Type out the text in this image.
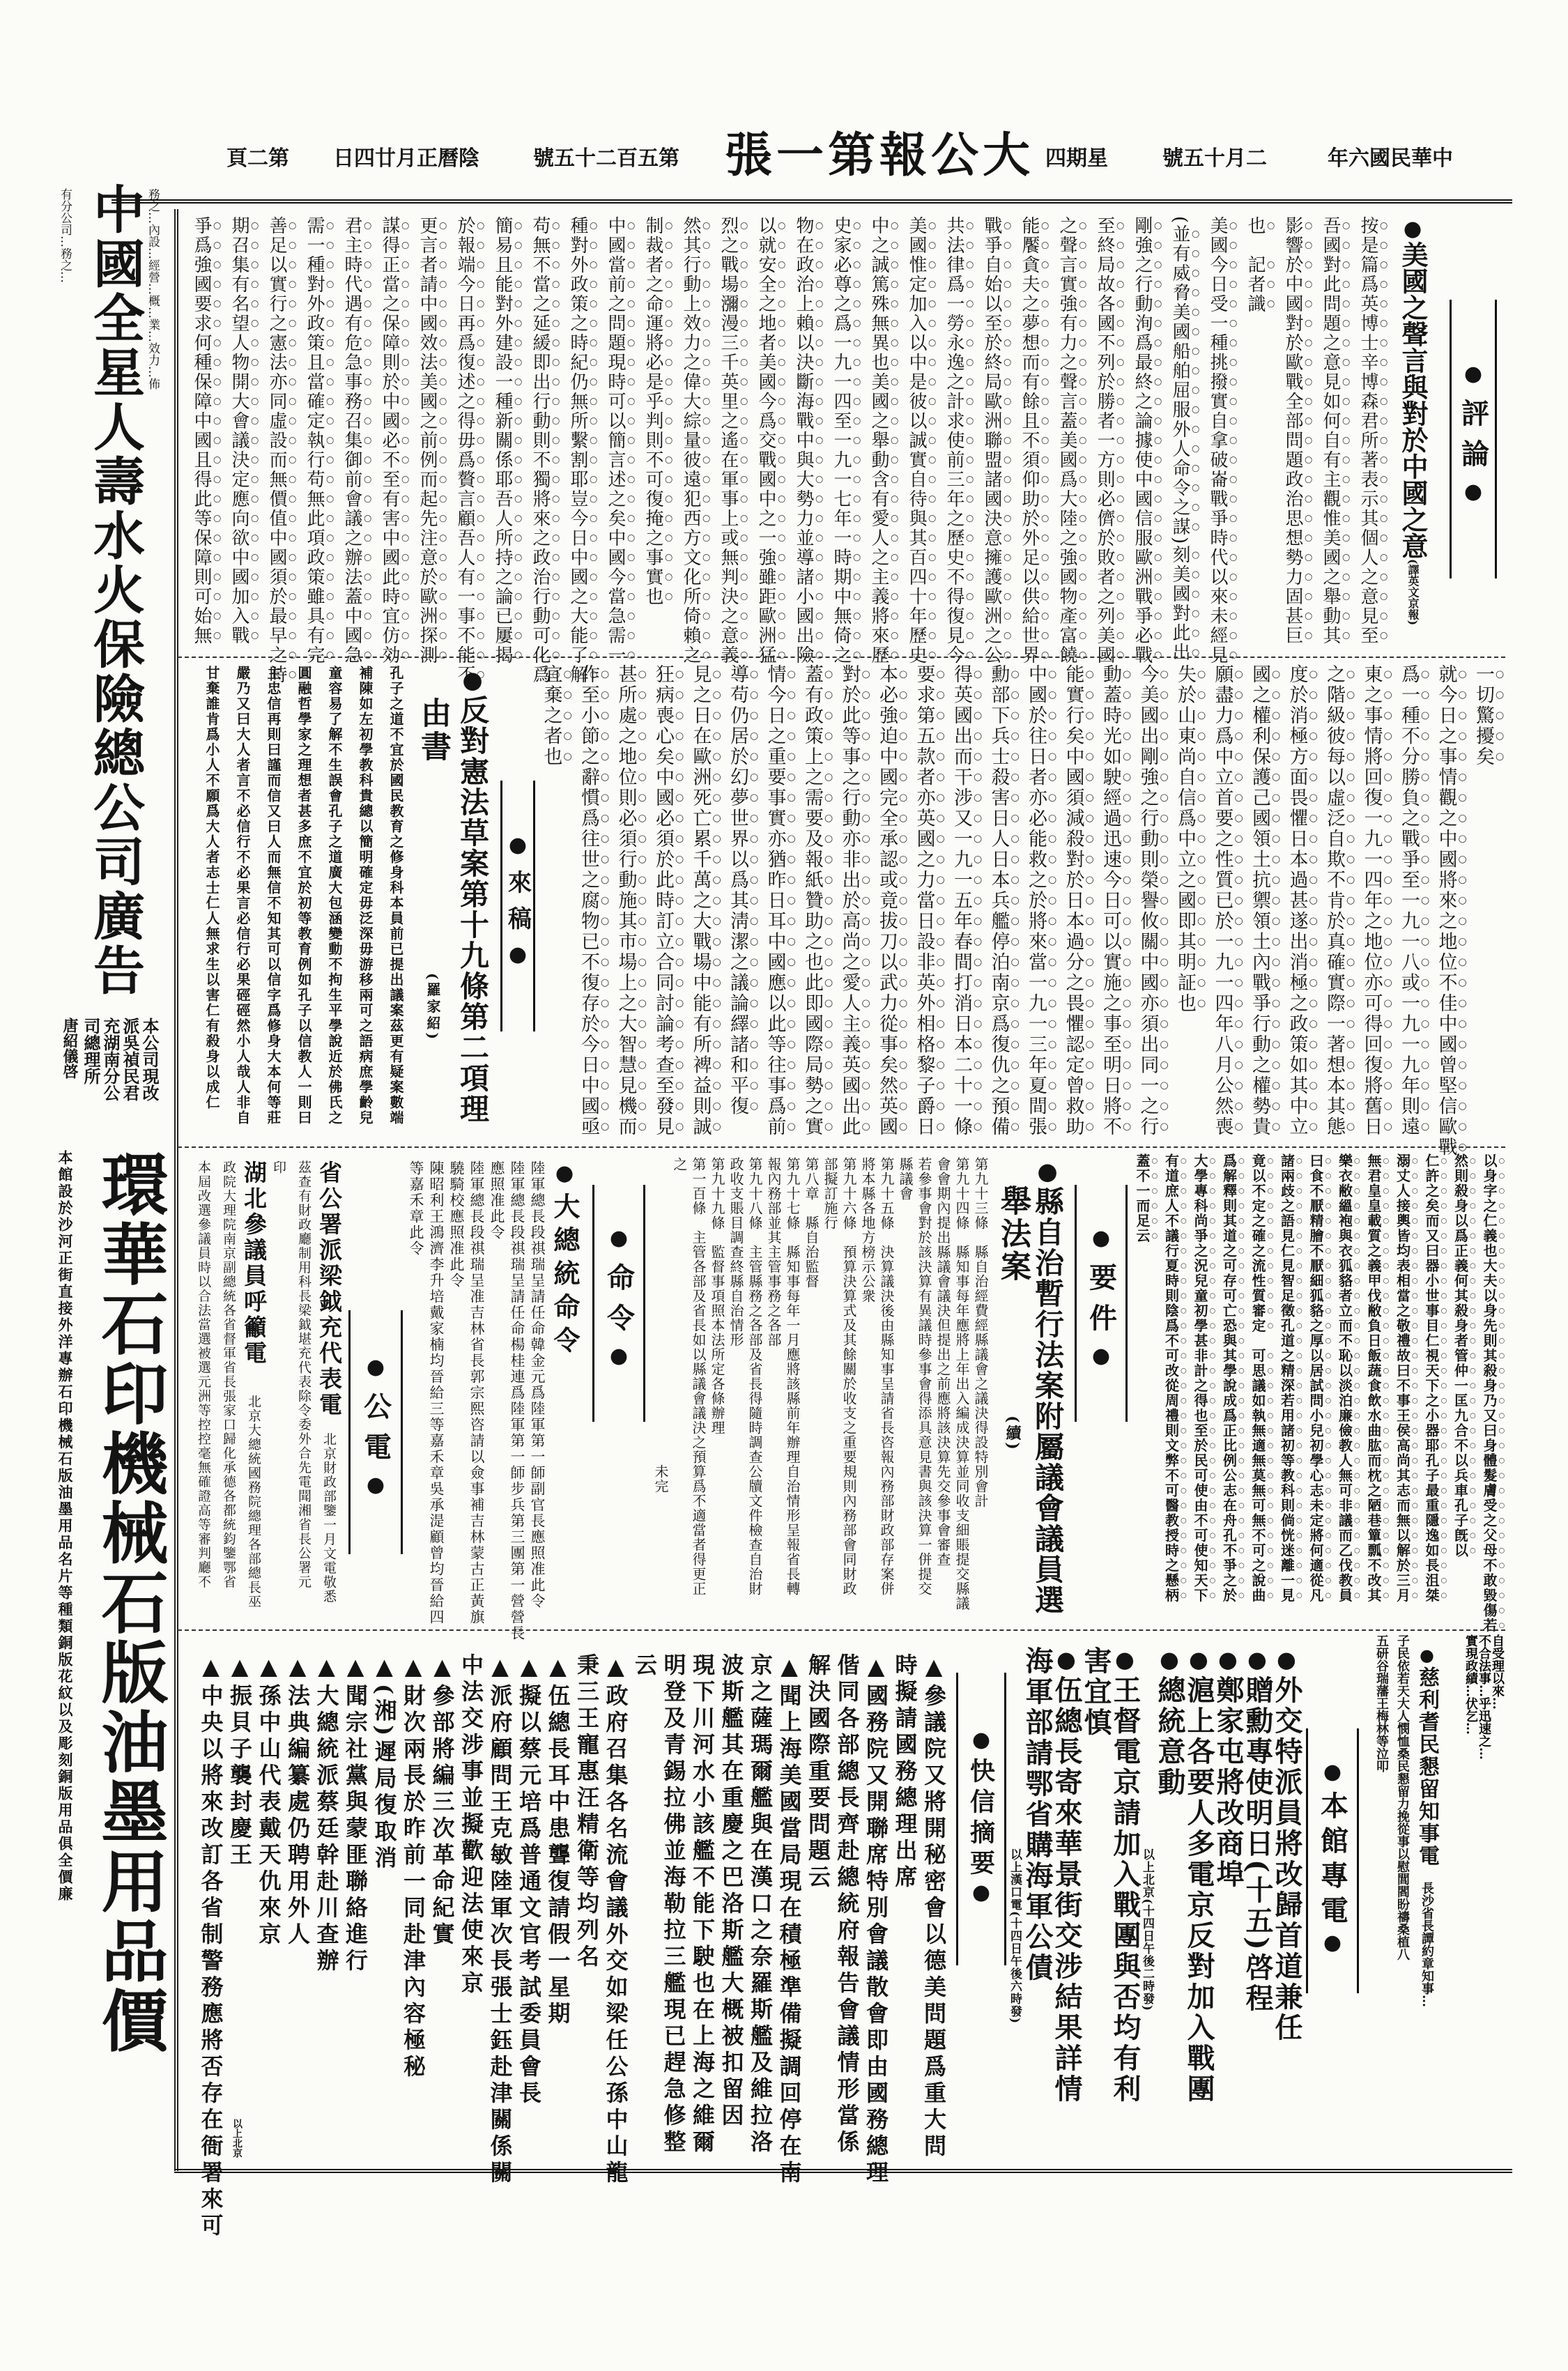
中華民國六年
二月十五號
星期四
大公報第一張
第五百二十五號
陰曆正月廿四日
第二頁
中國全星人壽水火保險總公司廣告
有分公司…務之…	務之…內設…經營…概…業…效力…佈
本公司現改
派吳禎民君
充湖南分公
司總理所
唐紹儀啓
環華石印機械石版油墨用品價
本館設於沙河正街直接外洋專辦石印機械石版油墨用品名片等種類銅版花紋以及彫刻銅版用品俱全價廉
● 評論 ●
● 美國之聲言與對於中國之意(譯英文京報)
按是篇爲英博士辛博森君所著表示其個人之意見至
吾國對此問題之意見如何自有主觀惟美國之舉動其
影響於中國對於歐戰全部問題政治思想勢力固甚巨
也　記者識
美國今日受一種挑撥實自拿破崙戰爭時代以來未經見
(並有威脅美國船舶屈服外人命令之謀)刻美國對此出
剛強之行動洵爲最終之論據使中國信服歐洲戰爭必戰
至終局故各國不列於勝者一方則必儕於敗者之列美國
之聲言實強有力之聲言蓋美國爲大陸之強國物產富饒
能饜貪夫之夢想而有餘且不須仰助於外足以供給世界
戰爭自始以至於終局歐洲聯盟諸國決意擁護歐洲之公
共法律爲一勞永逸之計求使前三年之歷史不得復見今
美國惟定加入以中是彼以誠實自待與其百四十年歷史
中之誠篤殊無異也美國之舉動含有愛人之主義將來歷
史家必尊之爲一九一四至一九一七年一時期中無倚之
物在政治上賴以決斷海戰中與大勢力並導諸小國出險
以就安全之地者美國今爲交戰國中之一強雖距歐洲猛
烈之戰場瀰漫三千英里之遙在軍事上或無判決之意義
然其行動上效力之偉大綜量彼遠犯西方文化所倚賴之
制裁者之命運將必是乎判則不可復掩之事實也
中國當前之問題現時可以簡言述之矣中國今當急需一
種對外政策之時紀仍無所繫割耶豈今日中國之大能了解
苟無不當之延緩即出行動則不獨將來之政治行動可化爲
簡易且能對外建設一種新關係耶吾人所持之論已屢揭
於報端今日再爲復述之得毋爲贅言顧吾人有一事不能不
更言者請中國效法美國之前例而起先注意於歐洲探測
謀得正當之保障則於中國必不至有害中國此時宜仿効
君主時代遇有危急事務召集御前會議之辦法蓋中國急
需一種對外政策且當確定執行苟無此項政策雖具有完
善足以實行之憲法亦同虛設而無價值中國須於最早之時
期召集有名望人物開大會議決定應向欲中國加入戰
爭爲強國要求何種保障中國且得此等保障則可始無
一切驚擾矣
就今日之事情觀之中國將來之地位不佳中國曾堅信歐戰
爲一種不分勝負之戰爭至一九一八或一九一九年則遠
東之事情將回復一九一四年之地位亦可得回復將舊日
之階級彼每以虛泛自欺不肯於真確實際一著想本其態
度於消極方面畏懼日本過甚遂出消極之政策如其中立
國之權利保護己國領土抗禦領土內戰爭行動之權勢貴
願盡力爲中立首要之性質已於一九一四年八月公然喪
失於山東尚自信爲中立之國即其明証也
今美國出剛強之行動則榮譽攸關中國亦須出同一之行
動蓋時光如駛經過迅速今日可以實施之事至明日將不
能實行矣中國須減殺對於日本過分之畏懼認定曾救助
中國於往日者亦必能救之於將來當一九一三年夏間張
勳部下兵士殺害日人日本兵艦停泊南京爲復仇之預備
得英國出而干涉又一九一五年春間打消日本二十一條
要求第五款者亦英國之力當日設非英外相格黎子爵日
本必強迫中國完全承認或竟拔刀以武力從事矣然英國
對於此等事之行動亦非出於高尚之愛人主義英國出此
蓋有政策上之需要及報紙贊助之也此即國際局勢之實
情今日之重要事實亦猶昨日耳中國應以此等往事爲前
導苟仍居於幻夢世界以爲其淸潔之議論繹諸和平復
見之日在歐洲死亡累千萬之大戰場中能有所裨益則誠
狂病喪心矣中國必須於此時訂立合同討論考查至發見
甚所處之地位則必須行動施其市場上之大智慧見機而
作至小節之辭慣爲往世之腐物已不復存於今日中國亟
宜棄之者也
● 來稿 ●
● 反對憲法草案第十九條第二項理
由書(羅家紹)
孔子之道不宜於國民教育之修身科本員前已提出議案茲更有疑案數端
補陳如左初學教科貴總以簡明確定毋泛深毋游移兩可之語病庶學齡兒
童容易了解不生誤會孔子之道廣大包涵變動不拘生平學說近於佛氏之
圓融哲學家之理想者甚多庶不宜於初等教育例如孔子以信教人一則曰
主忠信再則曰謹而信又曰人而無信不知其可以信字爲修身大本何等莊
嚴乃又曰大人者言不必信行不必果言必信行必果硜硜然小人哉人非自
甘棄誰肯爲小人不願爲大人者志士仁人無求生以害仁有殺身以成仁
以身字之仁義也大夫以身先則其殺身乃又曰身體髮膚受之父母不敢毀傷若
然則殺身以爲正義何其殺身者管仲一匡九合不以兵車孔子旣以
仁許之矣而又曰器小世事目仁視天下之小器耶孔子最重隱逸如長沮桀
溺丈人接輿皆均表相當之敬禮故曰不事王侯高尚其志而無以解於三月
無君皇皇載質之義甲伐敝負日飯蔬食飲水曲肱而枕之陋巷簞瓢不改其
樂衣敝縕袍與衣狐貉者立而不恥以淡泊廉儉教人無可非議而乙伐教員
曰食不厭精膾不厭細狐貉之厚以居試問小兒初學心志未定將何適從凡
諸兩歧之語見仁見智足徵孔道之精深若用諸初等教科則倘恍迷離一見
竟以不定之確之流性質審定　可思議如執無適無莫無可無不可之說曲
爲解釋則其道之可存可亡恐與其學說成爲正比例公志在舟孔不爭之於
大學專科尚爭之況兒童初學甚非計之得也至於民可使由不可使知天下
有道庶人不議行夏時則陰爲不可改從周禮則文弊不可醫教授時之懸柄
蓋不一而足云
● 要件 ●
● 縣自治暫行法案附屬議會議員選
舉法案(續)
第九十三條　縣自治經費經縣議會之議決得設特別會計
第九十四條　縣知事每年應將上年出入編成決算並同收支細賬提交縣議
會會期內提出縣議會議決但提出之前應將該決算先交參事會審查
若參事會對於該決算有異議時參事會得添具意見書與該決算一併提交
縣議會
第九十五條　決算議決後由縣知事呈請省長咨報內務部財政部存案併
將本縣各地方榜示公衆
第九十六條　預算決算式及其餘關於收支之重要規則內務部會同財政
部擬訂施行
第八章　縣自治監督
第九十七條　縣知事每年一月應將該縣前年辦理自治情形呈報省長轉
報內務部並其主管事務之各部
第九十八條　主管縣務之各部及省長得隨時調查公牘文件檢查自治財
政收支賬目調查終縣自治情形
第九十九條　監督事項照本法所定各條辦理
第一百條　主管各部及省長如以縣議會議決之預算爲不適當者得更正
之
　　　　　　　　　　　　　　　　　　　　　未完
● 命令 ●
● 大總統命令
陸軍總長段祺瑞呈請任命韓金元爲陸軍第一師副官長應照准此令
陸軍總長段祺瑞呈請任命楊桂連爲陸軍第一師步兵第三團第一營營長
應照准此令
陸軍總長段祺瑞呈准吉林省長郭宗熙咨請以僉事補吉林蒙古正黃旗
驍騎校應照准此令
陳昭利王鴻濟李升培戴家楠均晉給三等嘉禾章吳承湜顧曾均晉給四
等嘉禾章此令
● 公電 ●
省公署派梁鉞充代表電北京財政部鑒一月文電敬悉
茲查有財政廳制用科長梁鉞堪充代表除令委外合先電聞湘省長公署元
印
湖北參議員呼籲電北京大總統國務院總理各部總長巫
政院大理院南京副總統各省督軍省長張家口歸化承德各都統鈞鑒鄂省
本屆改選參議員時以合法當選被選元洲等控控毫無確證高等審判廳不
自受理以來…
不合法事…乎迅速之…
實現政績…伏乞…
● 慈利耆民懇留知事電
長沙省長譚約章知事…
子民依若天大人憫恤桑民懇留力挽從事以慰閭閻盼禱桑植八
五研谷瑞藩王梅林等泣叩
● 本館專電 ●
● 外交特派員將改歸首道兼任
● 贈勳專使明日(十五)啓程
● 鄭家屯將改商埠
● 滬上各要人多電京反對加入戰團
● 總統意動
以上北京(十四日午後二時發)
● 王督電京請加入戰團與否均有利
害宜慎
● 伍總長寄來華景街交涉結果詳情
海軍部請鄂省購海軍公債
以上漢口電(十四日午後六時發)
● 快信摘要 ●
▲參議院又將開秘密會以德美問題爲重大問
時擬請國務總理出席
▲國務院又開聯席特別會議散會即由國務總理
偕同各部總長齊赴總統府報告會議情形當係
解決國際重要問題云
▲聞上海美國當局現在積極準備擬調回停在南
京之薩瑪爾艦與在漢口之奈羅斯艦及維拉洛
波斯艦其在重慶之巴洛斯艦大概被扣留因
現下川河水小該艦不能下駛也在上海之維爾
明登及青錫拉佛並海勒拉三艦現已趕急修整
云
▲政府召集各名流會議外交如梁任公孫中山龍
秉三王寵惠汪精衛等均列名
▲伍總長耳中患聾復請假一星期
▲擬以蔡元培爲普通文官考試委員會長
▲派府顧問王克敏陸軍次長張士鈺赴津關係關
中法交涉事並擬歡迎法使來京
▲參部將編三次革命紀實
▲財次兩長於昨前一同赴津內容極秘
▲(湘)遲局復取消
▲聞宗社黨與蒙匪聯絡進行
▲大總統派蔡廷幹赴川查辦
▲法典編纂處仍聘用外人
▲孫中山代表戴天仇來京
▲振貝子襲封慶王
▲中央以將來改訂各省制警務應將否存在衙署來可 以上北京
